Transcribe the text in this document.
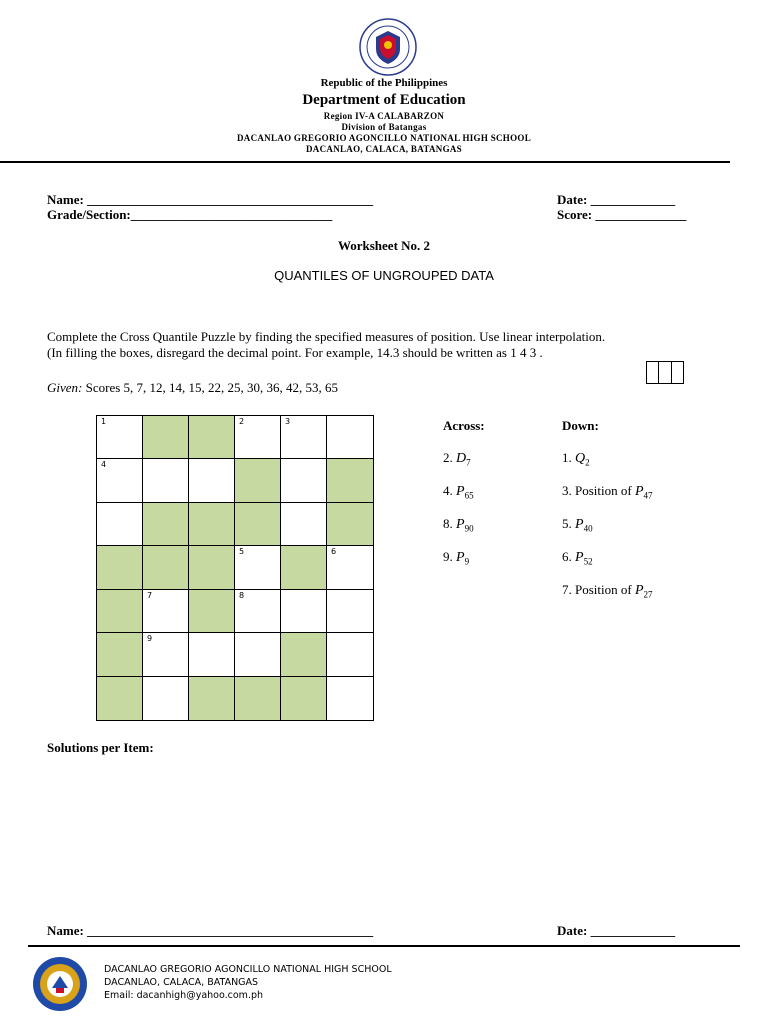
Republic of the Philippines
Department of Education
Region IV-A CALABARZON
Division of Batangas
DACANLAO GREGORIO AGONCILLO NATIONAL HIGH SCHOOL
DACANLAO, CALACA, BATANGAS
Name: ____________________________________________	Date: _____________
Grade/Section:_______________________________	Score: ______________
Worksheet No. 2
QUANTILES OF UNGROUPED DATA
Complete the Cross Quantile Puzzle by finding the specified measures of position. Use linear interpolation.
(In filling the boxes, disregard the decimal point. For example, 14.3 should be written as 1 4 3 .
Given: Scores 5, 7, 12, 14, 15, 22, 25, 30, 36, 42, 53, 65
1	2	3
4
5	6
7	8
9
Across:	Down:
2. $D_7$
4. $P_{65}$
8. $P_{90}$
9. $P_9$
1. $Q_2$
3. Position of $P_{47}$
5. $P_{40}$
6. $P_{52}$
7. Position of $P_{27}$
Solutions per Item:
Name: ____________________________________________	Date: _____________
DACANLAO GREGORIO AGONCILLO NATIONAL HIGH SCHOOL
DACANLAO, CALACA, BATANGAS
Email: dacanhigh@yahoo.com.ph
